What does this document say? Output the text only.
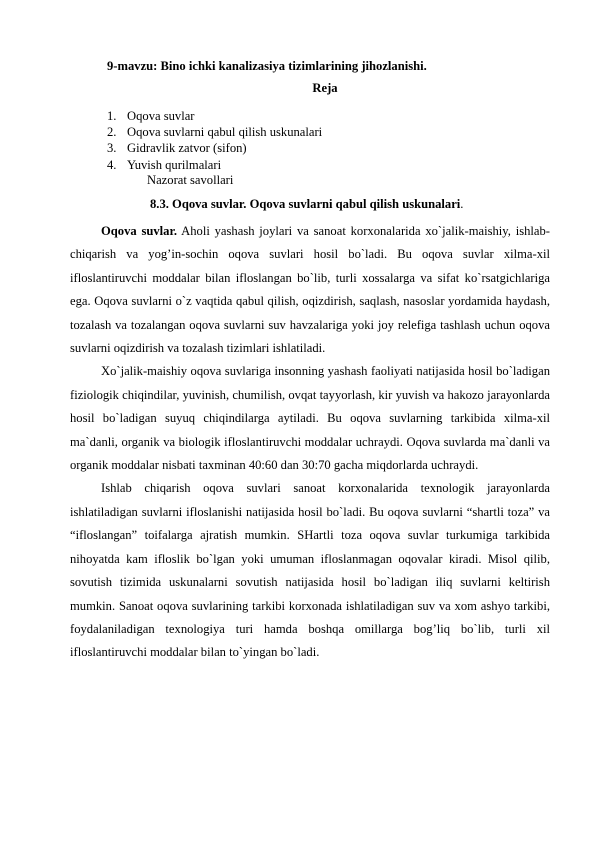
9-mavzu: Bino ichki kanalizasiya tizimlarining jihozlanishi.
Reja
1. Oqova suvlar
2. Oqova suvlarni qabul qilish uskunalari
3. Gidravlik zatvor (sifon)
4. Yuvish qurilmalari
Nazorat savollari
8.3. Oqova suvlar. Oqova suvlarni qabul qilish uskunalari.

Oqova suvlar. Aholi yashash joylari va sanoat korxonalarida xo`jalik-maishiy, ishlab-chiqarish va yog’in-sochin oqova suvlari hosil bo`ladi. Bu oqova suvlar xilma-xil ifloslantiruvchi moddalar bilan ifloslangan bo`lib, turli xossalarga va sifat ko`rsatgichlariga ega. Oqova suvlarni o`z vaqtida qabul qilish, oqizdirish, saqlash, nasoslar yordamida haydash, tozalash va tozalangan oqova suvlarni suv havzalariga yoki joy relefiga tashlash uchun oqova suvlarni oqizdirish va tozalash tizimlari ishlatiladi.

Xo`jalik-maishiy oqova suvlariga insonning yashash faoliyati natijasida hosil bo`ladigan fiziologik chiqindilar, yuvinish, chumilish, ovqat tayyorlash, kir yuvish va hakozo jarayonlarda hosil bo`ladigan suyuq chiqindilarga aytiladi. Bu oqova suvlarning tarkibida xilma-xil ma`danli, organik va biologik ifloslantiruvchi moddalar uchraydi. Oqova suvlarda ma`danli va organik moddalar nisbati taxminan 40:60 dan 30:70 gacha miqdorlarda uchraydi.

Ishlab chiqarish oqova suvlari sanoat korxonalarida texnologik jarayonlarda ishlatiladigan suvlarni ifloslanishi natijasida hosil bo`ladi. Bu oqova suvlarni “shartli toza” va “ifloslangan” toifalarga ajratish mumkin. SHartli toza oqova suvlar turkumiga tarkibida nihoyatda kam ifloslik bo`lgan yoki umuman ifloslanmagan oqovalar kiradi. Misol qilib, sovutish tizimida uskunalarni sovutish natijasida hosil bo`ladigan iliq suvlarni keltirish mumkin. Sanoat oqova suvlarining tarkibi korxonada ishlatiladigan suv va xom ashyo tarkibi, foydalaniladigan texnologiya turi hamda boshqa omillarga bog’liq bo`lib, turli xil ifloslantiruvchi moddalar bilan to`yingan bo`ladi.
